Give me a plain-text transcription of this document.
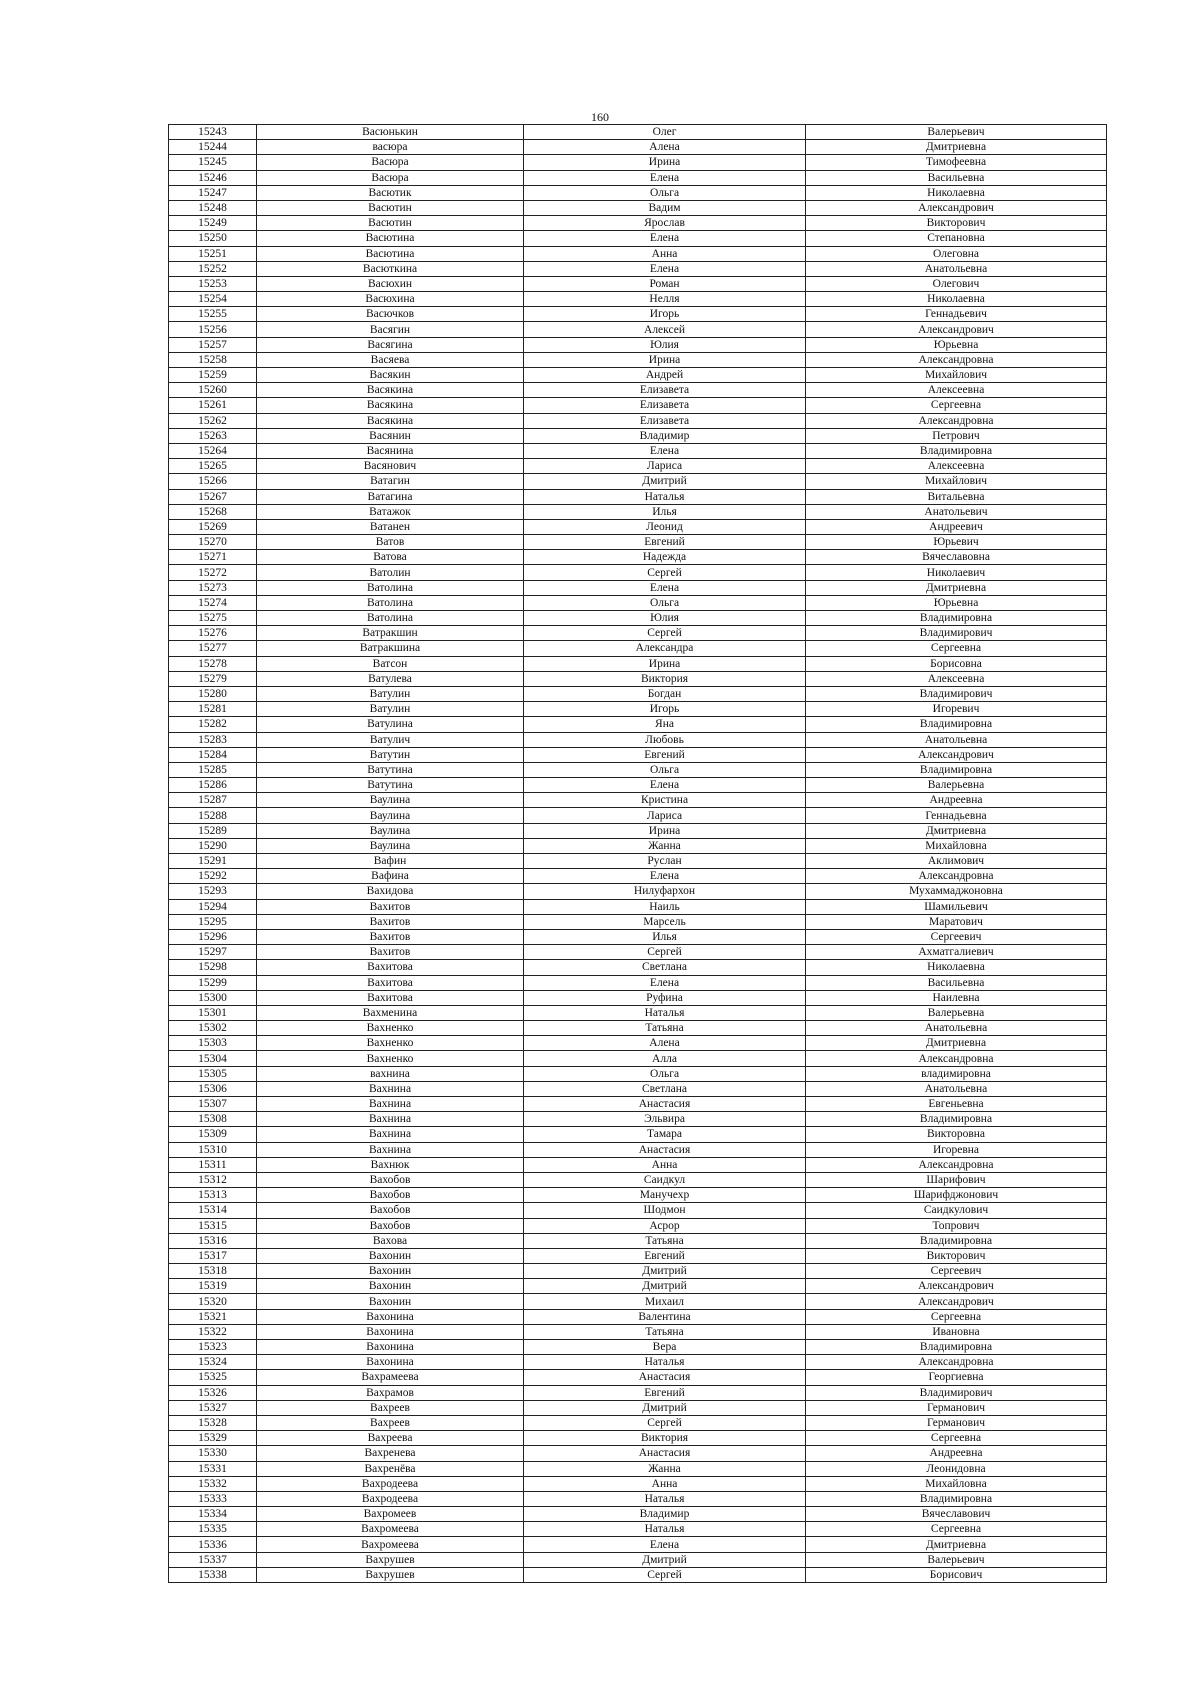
160
15243	Васюнькин	Олег	Валерьевич
15244	васюра	Алена	Дмитриевна
15245	Васюра	Ирина	Тимофеевна
15246	Васюра	Елена	Васильевна
15247	Васютик	Ольга	Николаевна
15248	Васютин	Вадим	Александрович
15249	Васютин	Ярослав	Викторович
15250	Васютина	Елена	Степановна
15251	Васютина	Анна	Олеговна
15252	Васюткина	Елена	Анатольевна
15253	Васюхин	Роман	Олегович
15254	Васюхина	Нелля	Николаевна
15255	Васючков	Игорь	Геннадьевич
15256	Васягин	Алексей	Александрович
15257	Васягина	Юлия	Юрьевна
15258	Васяева	Ирина	Александровна
15259	Васякин	Андрей	Михайлович
15260	Васякина	Елизавета	Алексеевна
15261	Васякина	Елизавета	Сергеевна
15262	Васякина	Елизавета	Александровна
15263	Васянин	Владимир	Петрович
15264	Васянина	Елена	Владимировна
15265	Васянович	Лариса	Алексеевна
15266	Ватагин	Дмитрий	Михайлович
15267	Ватагина	Наталья	Витальевна
15268	Ватажок	Илья	Анатольевич
15269	Ватанен	Леонид	Андреевич
15270	Ватов	Евгений	Юрьевич
15271	Ватова	Надежда	Вячеславовна
15272	Ватолин	Сергей	Николаевич
15273	Ватолина	Елена	Дмитриевна
15274	Ватолина	Ольга	Юрьевна
15275	Ватолина	Юлия	Владимировна
15276	Ватракшин	Сергей	Владимирович
15277	Ватракшина	Александра	Сергеевна
15278	Ватсон	Ирина	Борисовна
15279	Ватулева	Виктория	Алексеевна
15280	Ватулин	Богдан	Владимирович
15281	Ватулин	Игорь	Игоревич
15282	Ватулина	Яна	Владимировна
15283	Ватулич	Любовь	Анатольевна
15284	Ватутин	Евгений	Александрович
15285	Ватутина	Ольга	Владимировна
15286	Ватутина	Елена	Валерьевна
15287	Ваулина	Кристина	Андреевна
15288	Ваулина	Лариса	Геннадьевна
15289	Ваулина	Ирина	Дмитриевна
15290	Ваулина	Жанна	Михайловна
15291	Вафин	Руслан	Аклимович
15292	Вафина	Елена	Александровна
15293	Вахидова	Нилуфархон	Мухаммаджоновна
15294	Вахитов	Наиль	Шамильевич
15295	Вахитов	Марсель	Маратович
15296	Вахитов	Илья	Сергеевич
15297	Вахитов	Сергей	Ахматгалиевич
15298	Вахитова	Светлана	Николаевна
15299	Вахитова	Елена	Васильевна
15300	Вахитова	Руфина	Наилевна
15301	Вахменина	Наталья	Валерьевна
15302	Вахненко	Татьяна	Анатольевна
15303	Вахненко	Алена	Дмитриевна
15304	Вахненко	Алла	Александровна
15305	вахнина	Ольга	владимировна
15306	Вахнина	Светлана	Анатольевна
15307	Вахнина	Анастасия	Евгеньевна
15308	Вахнина	Эльвира	Владимировна
15309	Вахнина	Тамара	Викторовна
15310	Вахнина	Анастасия	Игоревна
15311	Вахнюк	Анна	Александровна
15312	Вахобов	Саидкул	Шарифович
15313	Вахобов	Манучехр	Шарифджонович
15314	Вахобов	Шодмон	Саидкулович
15315	Вахобов	Асрор	Топрович
15316	Вахова	Татьяна	Владимировна
15317	Вахонин	Евгений	Викторович
15318	Вахонин	Дмитрий	Сергеевич
15319	Вахонин	Дмитрий	Александрович
15320	Вахонин	Михаил	Александрович
15321	Вахонина	Валентина	Сергеевна
15322	Вахонина	Татьяна	Ивановна
15323	Вахонина	Вера	Владимировна
15324	Вахонина	Наталья	Александровна
15325	Вахрамеева	Анастасия	Георгиевна
15326	Вахрамов	Евгений	Владимирович
15327	Вахреев	Дмитрий	Германович
15328	Вахреев	Сергей	Германович
15329	Вахреева	Виктория	Сергеевна
15330	Вахренева	Анастасия	Андреевна
15331	Вахренёва	Жанна	Леонидовна
15332	Вахродеева	Анна	Михайловна
15333	Вахродеева	Наталья	Владимировна
15334	Вахромеев	Владимир	Вячеславович
15335	Вахромеева	Наталья	Сергеевна
15336	Вахромеева	Елена	Дмитриевна
15337	Вахрушев	Дмитрий	Валерьевич
15338	Вахрушев	Сергей	Борисович
